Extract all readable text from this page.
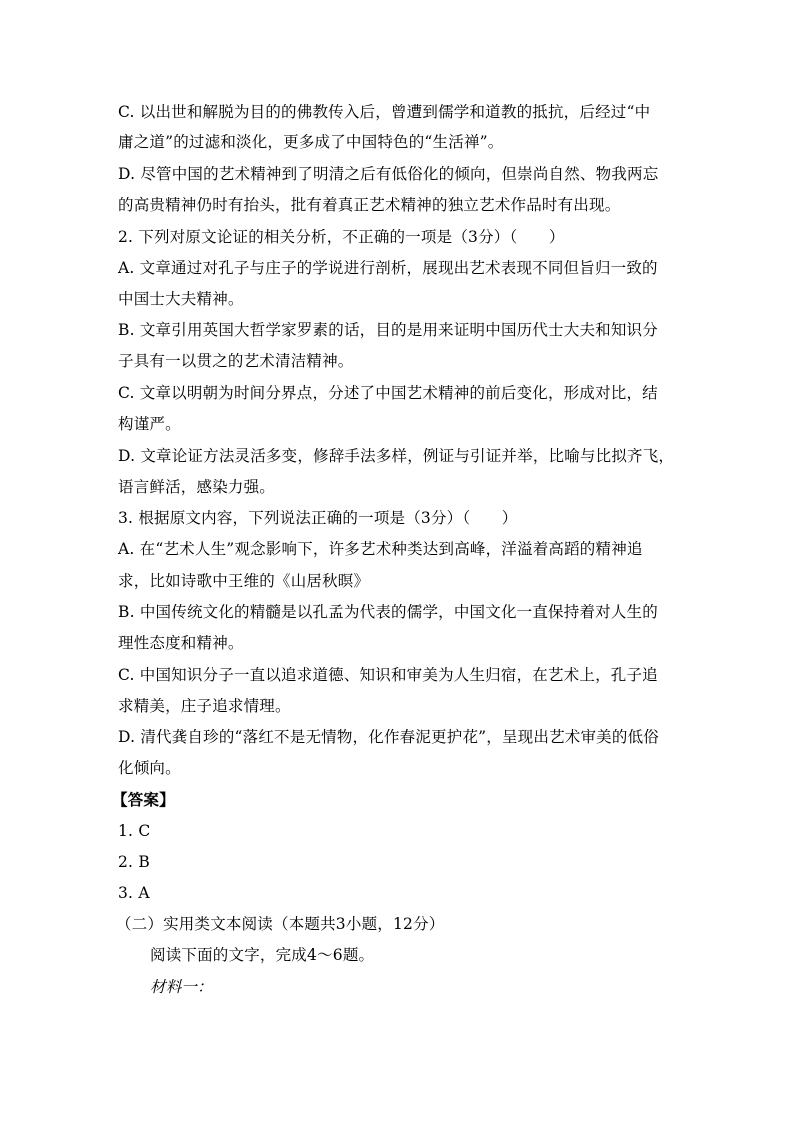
C. 以出世和解脱为目的的佛教传入后，曾遭到儒学和道教的抵抗，后经过“中
庸之道”的过滤和淡化，更多成了中国特色的“生活禅”。
D. 尽管中国的艺术精神到了明清之后有低俗化的倾向，但崇尚自然、物我两忘
的高贵精神仍时有抬头，批有着真正艺术精神的独立艺术作品时有出现。
2. 下列对原文论证的相关分析，不正确的一项是（3分）（　　）
A. 文章通过对孔子与庄子的学说进行剖析，展现出艺术表现不同但旨归一致的
中国士大夫精神。
B. 文章引用英国大哲学家罗素的话，目的是用来证明中国历代士大夫和知识分
子具有一以贯之的艺术清洁精神。
C. 文章以明朝为时间分界点，分述了中国艺术精神的前后变化，形成对比，结
构谨严。
D. 文章论证方法灵活多变，修辞手法多样，例证与引证并举，比喻与比拟齐飞，
语言鲜活，感染力强。
3. 根据原文内容，下列说法正确的一项是（3分）（　　）
A. 在“艺术人生”观念影响下，许多艺术种类达到高峰，洋溢着高蹈的精神追
求，比如诗歌中王维的《山居秋暝》
B. 中国传统文化的精髓是以孔孟为代表的儒学，中国文化一直保持着对人生的
理性态度和精神。
C. 中国知识分子一直以追求道德、知识和审美为人生归宿，在艺术上，孔子追
求精美，庄子追求情理。
D. 清代龚自珍的“落红不是无情物，化作春泥更护花”，呈现出艺术审美的低俗
化倾向。
【答案】
1. C
2. B
3. A
（二）实用类文本阅读（本题共3小题，12分）
阅读下面的文字，完成4～6题。
材料一：
